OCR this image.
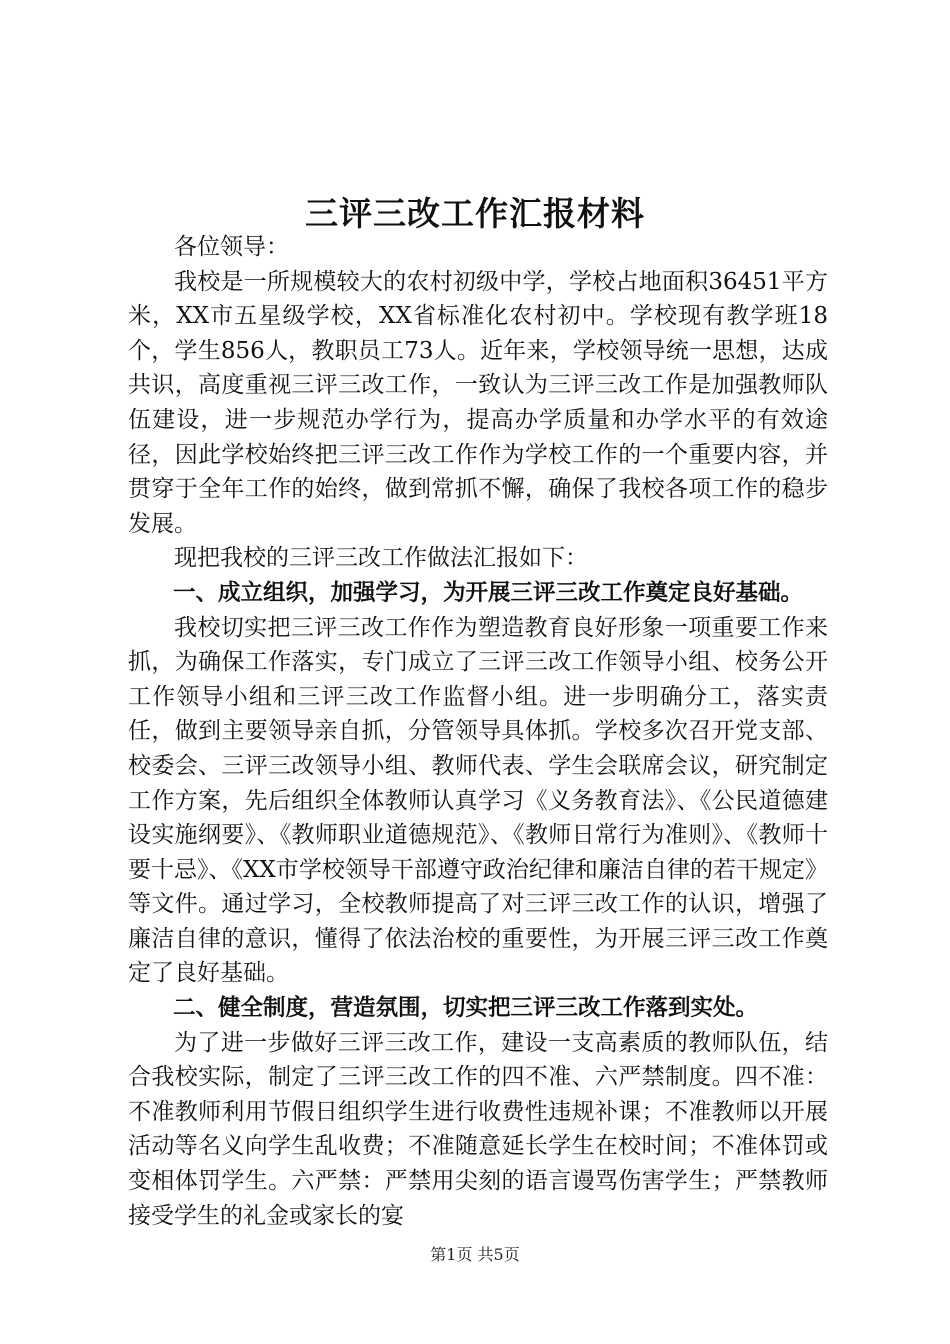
三评三改工作汇报材料

各位领导：

我校是一所规模较大的农村初级中学，学校占地面积36451平方米，XX市五星级学校，XX省标准化农村初中。学校现有教学班18个，学生856人，教职员工73人。近年来，学校领导统一思想，达成共识，高度重视三评三改工作，一致认为三评三改工作是加强教师队伍建设，进一步规范办学行为，提高办学质量和办学水平的有效途径，因此学校始终把三评三改工作作为学校工作的一个重要内容，并贯穿于全年工作的始终，做到常抓不懈，确保了我校各项工作的稳步发展。

现把我校的三评三改工作做法汇报如下：

一、成立组织，加强学习，为开展三评三改工作奠定良好基础。

我校切实把三评三改工作作为塑造教育良好形象一项重要工作来抓，为确保工作落实，专门成立了三评三改工作领导小组、校务公开工作领导小组和三评三改工作监督小组。进一步明确分工，落实责任，做到主要领导亲自抓，分管领导具体抓。学校多次召开党支部、校委会、三评三改领导小组、教师代表、学生会联席会议，研究制定工作方案，先后组织全体教师认真学习《义务教育法》、《公民道德建设实施纲要》、《教师职业道德规范》、《教师日常行为准则》、《教师十要十忌》、《XX市学校领导干部遵守政治纪律和廉洁自律的若干规定》等文件。通过学习，全校教师提高了对三评三改工作的认识，增强了廉洁自律的意识，懂得了依法治校的重要性，为开展三评三改工作奠定了良好基础。

二、健全制度，营造氛围，切实把三评三改工作落到实处。

为了进一步做好三评三改工作，建设一支高素质的教师队伍，结合我校实际，制定了三评三改工作的四不准、六严禁制度。四不准：不准教师利用节假日组织学生进行收费性违规补课；不准教师以开展活动等名义向学生乱收费；不准随意延长学生在校时间；不准体罚或变相体罚学生。六严禁：严禁用尖刻的语言谩骂伤害学生；严禁教师接受学生的礼金或家长的宴

第1页 共5页
